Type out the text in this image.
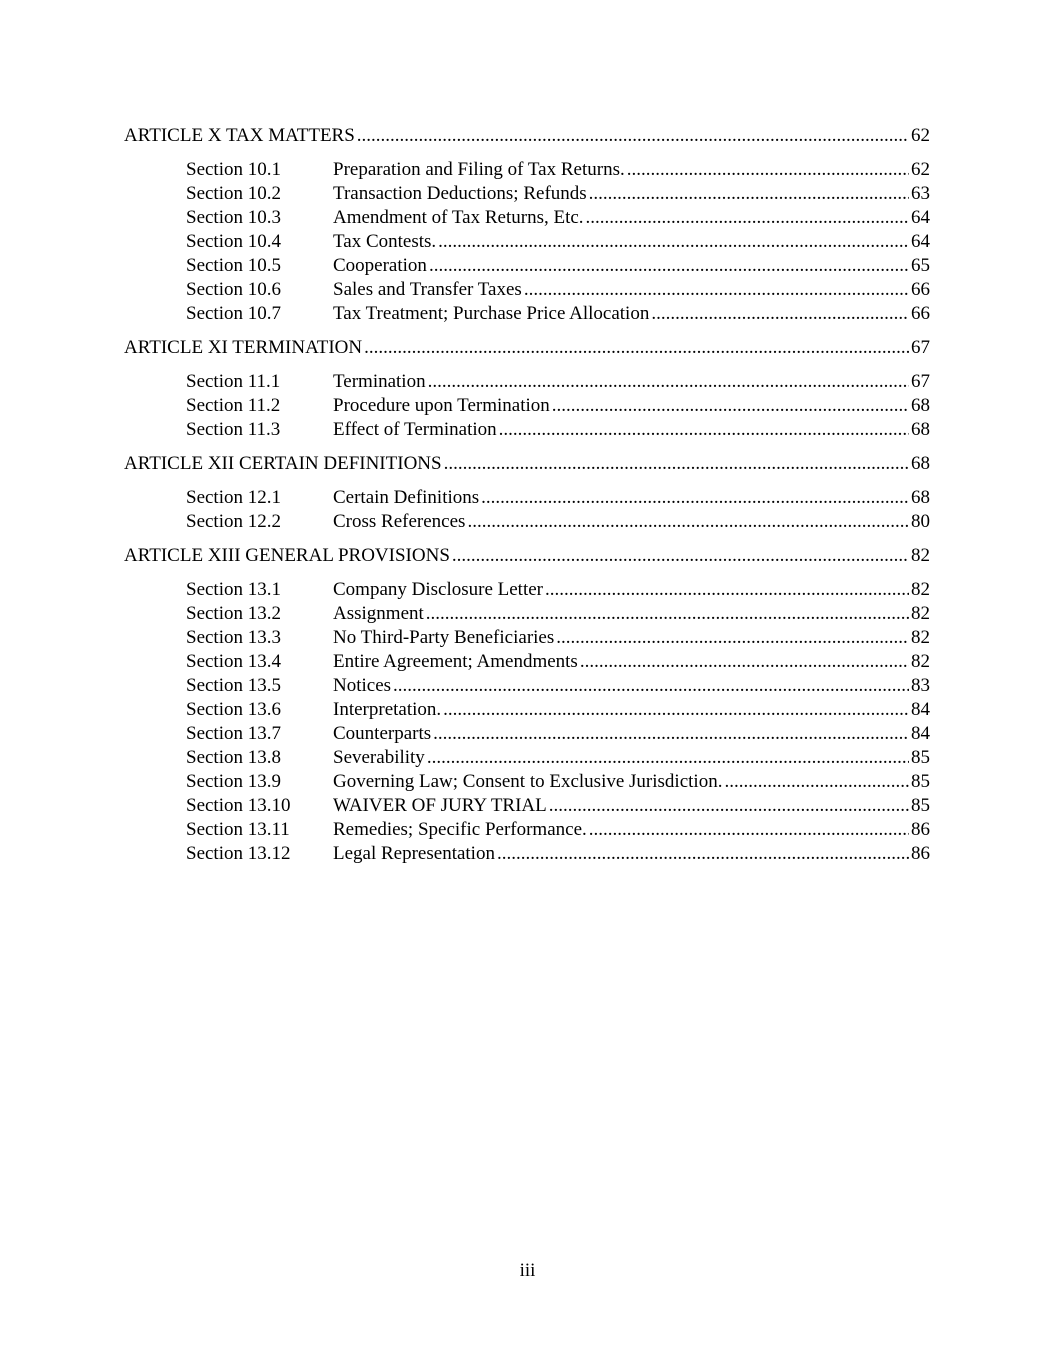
ARTICLE X TAX MATTERS .....	62
Section 10.1	Preparation and Filing of Tax Returns. .....	62
Section 10.2	Transaction Deductions; Refunds .....	63
Section 10.3	Amendment of Tax Returns, Etc. .....	64
Section 10.4	Tax Contests. .....	64
Section 10.5	Cooperation .....	65
Section 10.6	Sales and Transfer Taxes .....	66
Section 10.7	Tax Treatment; Purchase Price Allocation .....	66
ARTICLE XI TERMINATION .....	67
Section 11.1	Termination .....	67
Section 11.2	Procedure upon Termination .....	68
Section 11.3	Effect of Termination .....	68
ARTICLE XII CERTAIN DEFINITIONS .....	68
Section 12.1	Certain Definitions .....	68
Section 12.2	Cross References .....	80
ARTICLE XIII GENERAL PROVISIONS .....	82
Section 13.1	Company Disclosure Letter .....	82
Section 13.2	Assignment .....	82
Section 13.3	No Third-Party Beneficiaries .....	82
Section 13.4	Entire Agreement; Amendments .....	82
Section 13.5	Notices .....	83
Section 13.6	Interpretation. .....	84
Section 13.7	Counterparts .....	84
Section 13.8	Severability .....	85
Section 13.9	Governing Law; Consent to Exclusive Jurisdiction. .....	85
Section 13.10	WAIVER OF JURY TRIAL .....	85
Section 13.11	Remedies; Specific Performance. .....	86
Section 13.12	Legal Representation .....	86
iii
